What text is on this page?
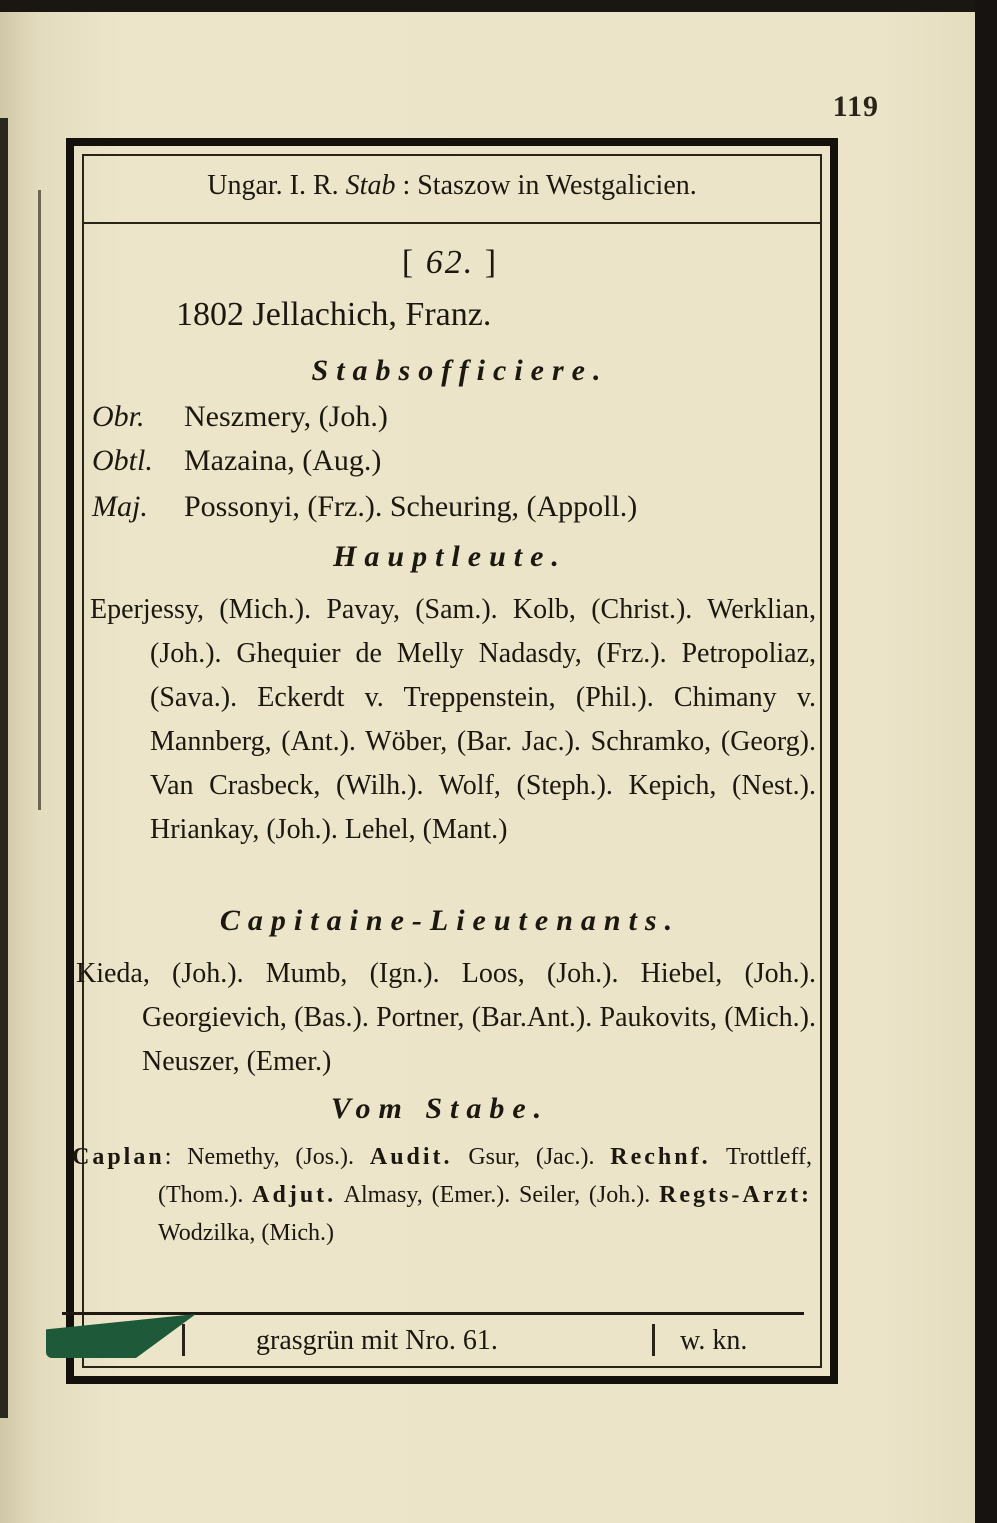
119
Ungar. I. R. Stab : Staszow in Westgalicien.
[ 62. ]
1802 Jellachich, Franz.
Stabsofficiere.
Obr. Neszmery, (Joh.)
Obtl. Mazaina, (Aug.)
Maj. Possonyi, (Frz.). Scheuring, (Appoll.)
Hauptleute.
Eperjessy, (Mich.). Pavay, (Sam.). Kolb, (Christ.). Werklian, (Joh.). Ghequier de Melly Nadasdy, (Frz.). Petropoliaz, (Sava.). Eckerdt v. Treppenstein, (Phil.). Chimany v. Mannberg, (Ant.). Wöber, (Bar. Jac.). Schramko, (Georg). Van Crasbeck, (Wilh.). Wolf, (Steph.). Kepich, (Nest.). Hriankay, (Joh.). Lehel, (Mant.)
Capitaine-Lieutenants.
Kieda, (Joh.). Mumb, (Ign.). Loos, (Joh.). Hiebel, (Joh.). Georgievich, (Bas.). Portner, (Bar.Ant.). Paukovits, (Mich.). Neuszer, (Emer.)
Vom Stabe.
Caplan: Nemethy, (Jos.). Audit. Gsur, (Jac.). Rechnf. Trottleff, (Thom.). Adjut. Almasy, (Emer.). Seiler, (Joh.). Regts-Arzt: Wodzilka, (Mich.)
grasgrün mit Nro. 61.	w. kn.
